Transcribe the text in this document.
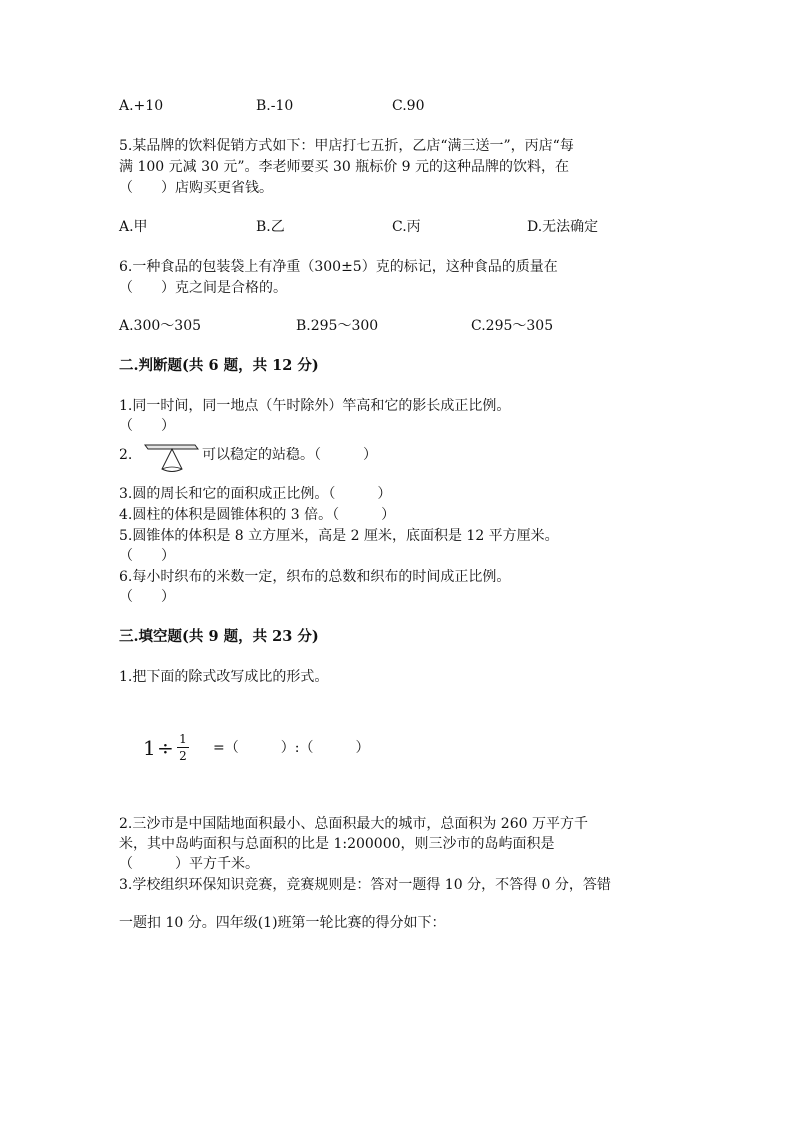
A.+10	B.-10	C.90
5.某品牌的饮料促销方式如下：甲店打七五折，乙店“满三送一”，丙店“每
满 100 元减 30 元”。李老师要买 30 瓶标价 9 元的这种品牌的饮料，在
（　　）店购买更省钱。
A.甲	B.乙	C.丙	D.无法确定
6.一种食品的包装袋上有净重（300±5）克的标记，这种食品的质量在
（　　）克之间是合格的。
A.300～305	B.295～300	C.295～305
二.判断题(共 6 题，共 12 分)
1.同一时间，同一地点（午时除外）竿高和它的影长成正比例。
（　　）
2.	可以稳定的站稳。（　　　）
3.圆的周长和它的面积成正比例。（　　　）
4.圆柱的体积是圆锥体积的 3 倍。（　　　）
5.圆锥体的体积是 8 立方厘米，高是 2 厘米，底面积是 12 平方厘米。
（　　）
6.每小时织布的米数一定，织布的总数和织布的时间成正比例。
（　　）
三.填空题(共 9 题，共 23 分)
1.把下面的除式改写成比的形式。
1 ÷ 1
2 =（　　　）:（　　　）
2.三沙市是中国陆地面积最小、总面积最大的城市，总面积为 260 万平方千
米，其中岛屿面积与总面积的比是 1:200000，则三沙市的岛屿面积是
（　　　）平方千米。
3.学校组织环保知识竞赛，竞赛规则是：答对一题得 10 分，不答得 0 分，答错
一题扣 10 分。四年级(1)班第一轮比赛的得分如下：
